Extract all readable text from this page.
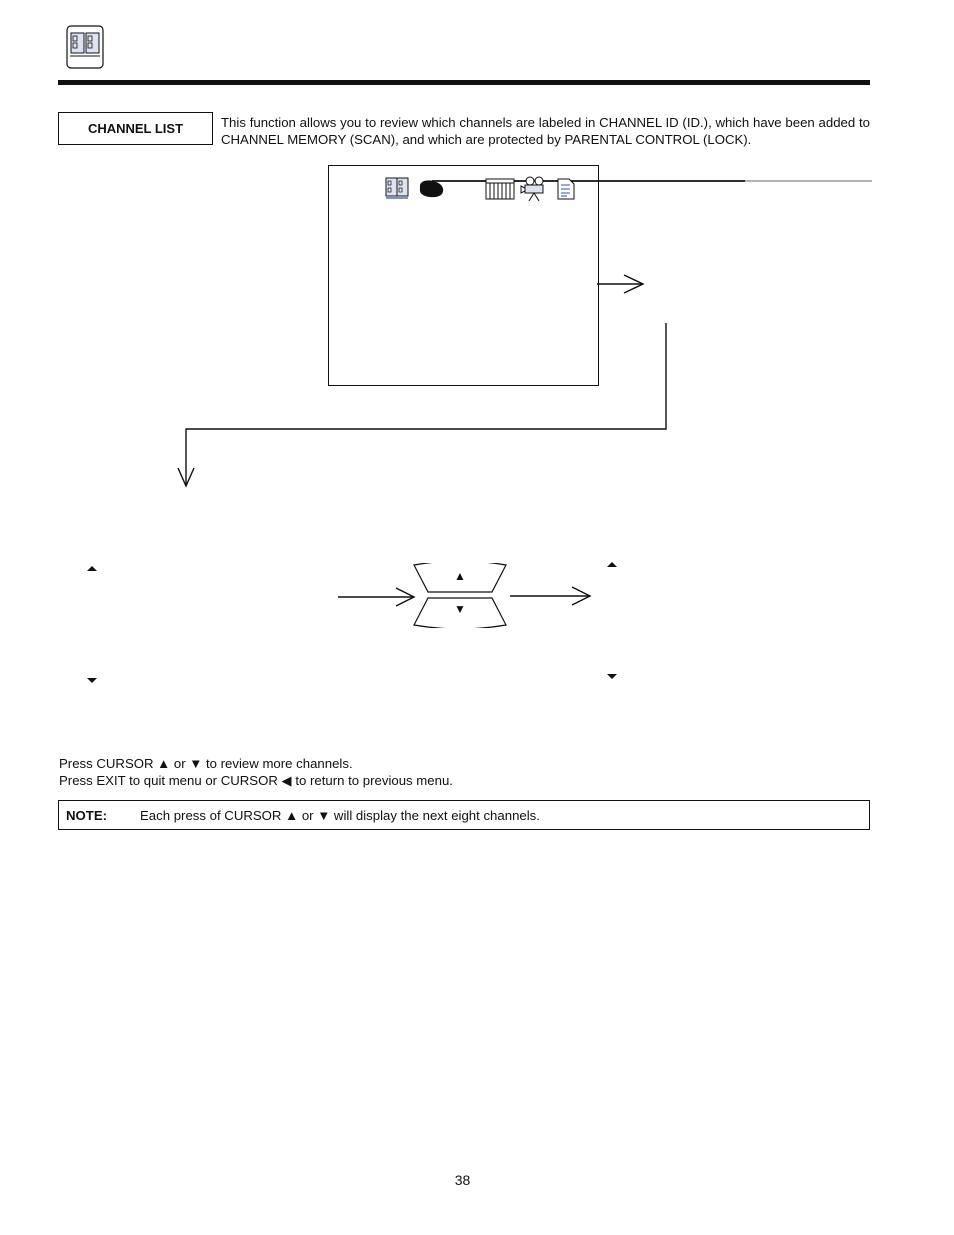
CHANNEL LIST	This function allows you to review which channels are labeled in CHANNEL ID (ID.), which have been added to CHANNEL MEMORY (SCAN), and which are protected by PARENTAL CONTROL (LOCK).
▲
▼
Press CURSOR ▲ or ▼ to review more channels.
Press EXIT to quit menu or CURSOR ◀ to return to previous menu.
NOTE: Each press of CURSOR ▲ or ▼ will display the next eight channels.
38
